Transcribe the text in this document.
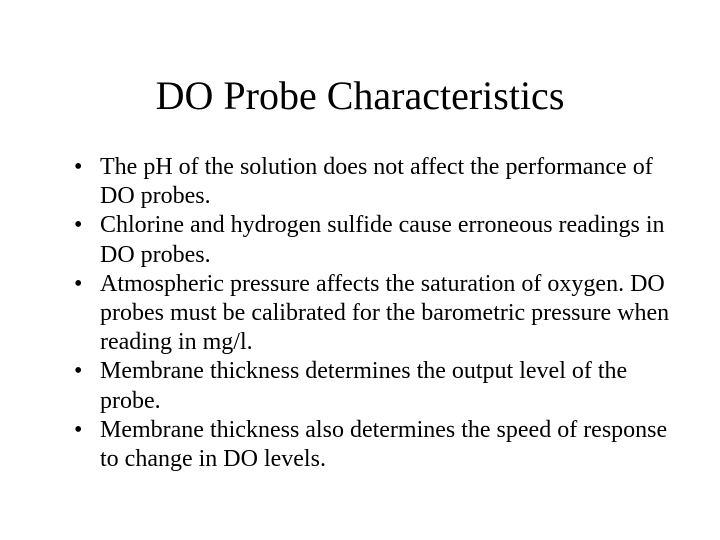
DO Probe Characteristics
• The pH of the solution does not affect the performance of DO probes.
• Chlorine and hydrogen sulfide cause erroneous readings in DO probes.
• Atmospheric pressure affects the saturation of oxygen. DO probes must be calibrated for the barometric pressure when reading in mg/l.
• Membrane thickness determines the output level of the probe.
• Membrane thickness also determines the speed of response to change in DO levels.
